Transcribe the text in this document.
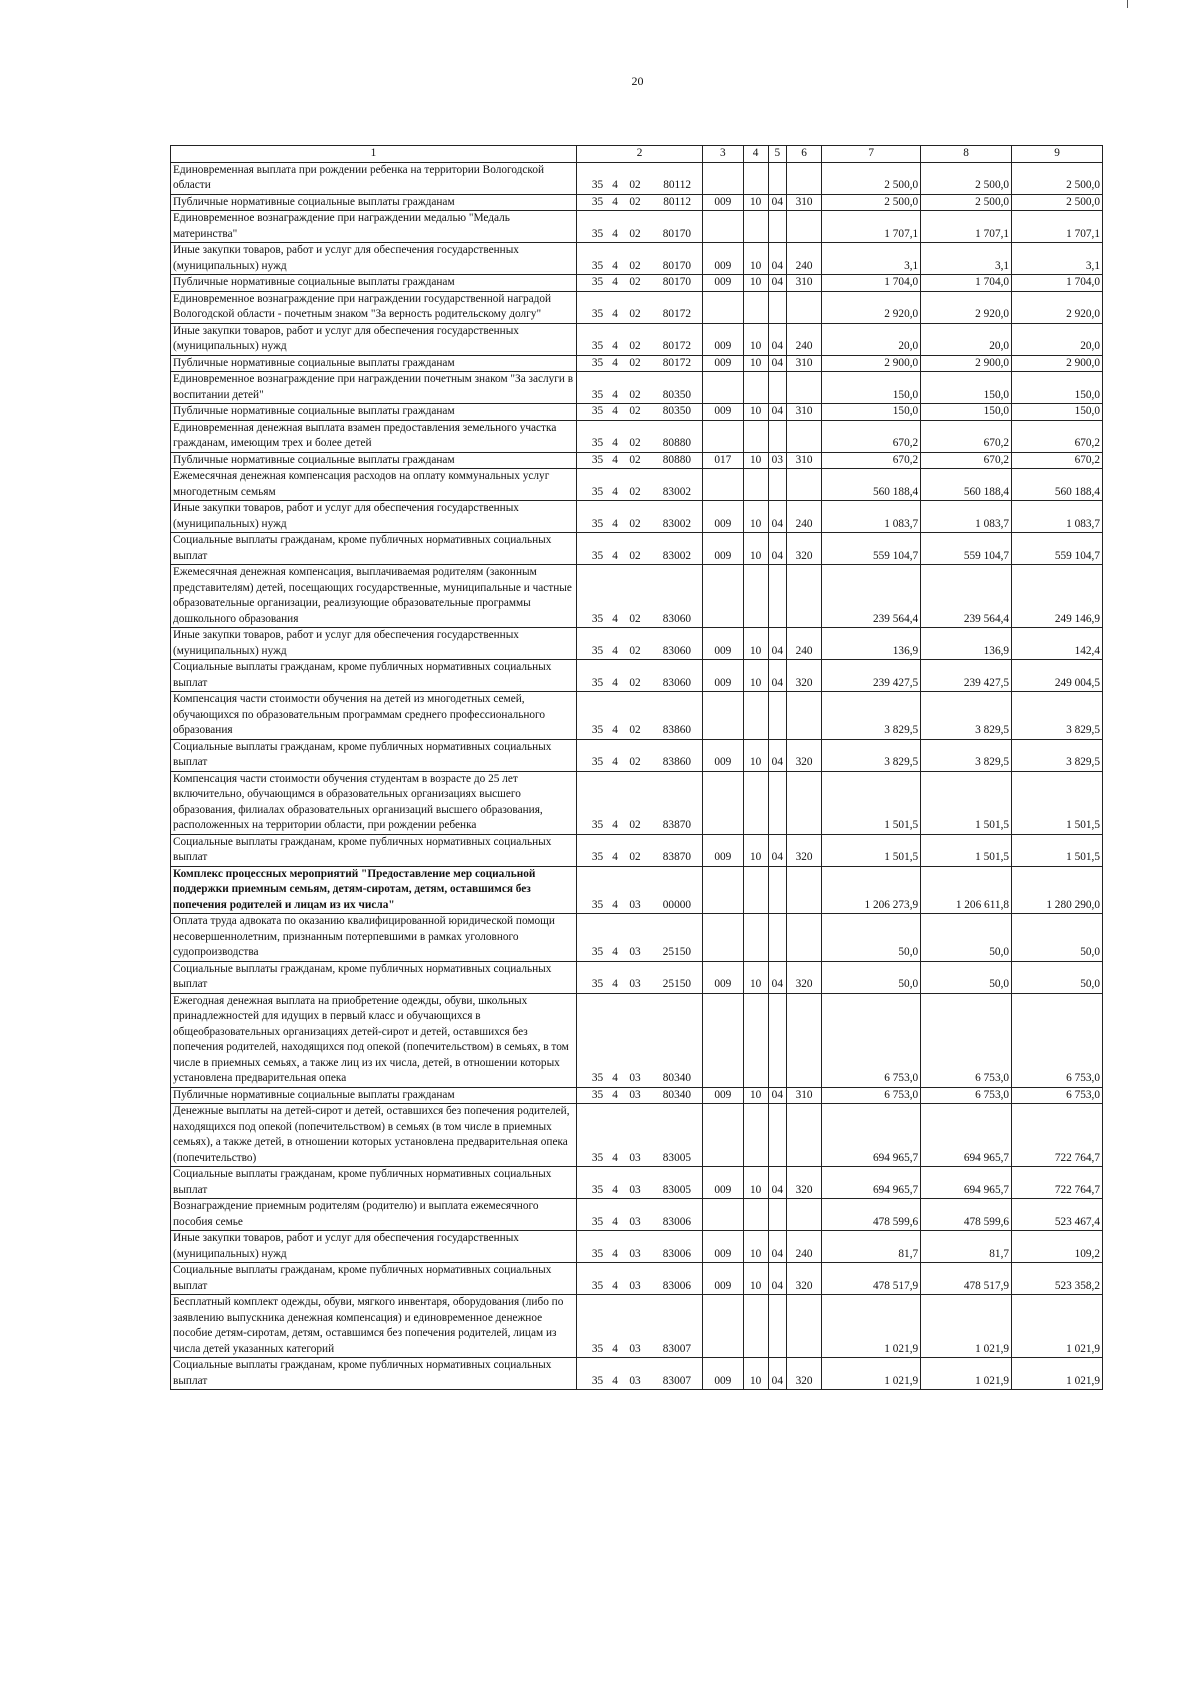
20
1	2	3	4	5	6	7	8	9
Единовременная выплата при рождении ребенка на территории Вологодской области	35 4 02 80112					2 500,0	2 500,0	2 500,0
Публичные нормативные социальные выплаты гражданам	35 4 02 80112	009	10	04	310	2 500,0	2 500,0	2 500,0
Единовременное вознаграждение при награждении медалью "Медаль материнства"	35 4 02 80170					1 707,1	1 707,1	1 707,1
Иные закупки товаров, работ и услуг для обеспечения государственных (муниципальных) нужд	35 4 02 80170	009	10	04	240	3,1	3,1	3,1
Публичные нормативные социальные выплаты гражданам	35 4 02 80170	009	10	04	310	1 704,0	1 704,0	1 704,0
Единовременное вознаграждение при награждении государственной наградой Вологодской области - почетным знаком "За верность родительскому долгу"	35 4 02 80172					2 920,0	2 920,0	2 920,0
Иные закупки товаров, работ и услуг для обеспечения государственных (муниципальных) нужд	35 4 02 80172	009	10	04	240	20,0	20,0	20,0
Публичные нормативные социальные выплаты гражданам	35 4 02 80172	009	10	04	310	2 900,0	2 900,0	2 900,0
Единовременное вознаграждение при награждении почетным знаком "За заслуги в воспитании детей"	35 4 02 80350					150,0	150,0	150,0
Публичные нормативные социальные выплаты гражданам	35 4 02 80350	009	10	04	310	150,0	150,0	150,0
Единовременная денежная выплата взамен предоставления земельного участка гражданам, имеющим трех и более детей	35 4 02 80880					670,2	670,2	670,2
Публичные нормативные социальные выплаты гражданам	35 4 02 80880	017	10	03	310	670,2	670,2	670,2
Ежемесячная денежная компенсация расходов на оплату коммунальных услуг многодетным семьям	35 4 02 83002					560 188,4	560 188,4	560 188,4
Иные закупки товаров, работ и услуг для обеспечения государственных (муниципальных) нужд	35 4 02 83002	009	10	04	240	1 083,7	1 083,7	1 083,7
Социальные выплаты гражданам, кроме публичных нормативных социальных выплат	35 4 02 83002	009	10	04	320	559 104,7	559 104,7	559 104,7
Ежемесячная денежная компенсация, выплачиваемая родителям (законным представителям) детей, посещающих государственные, муниципальные и частные образовательные организации, реализующие образовательные программы дошкольного образования	35 4 02 83060					239 564,4	239 564,4	249 146,9
Иные закупки товаров, работ и услуг для обеспечения государственных (муниципальных) нужд	35 4 02 83060	009	10	04	240	136,9	136,9	142,4
Социальные выплаты гражданам, кроме публичных нормативных социальных выплат	35 4 02 83060	009	10	04	320	239 427,5	239 427,5	249 004,5
Компенсация части стоимости обучения на детей из многодетных семей, обучающихся по образовательным программам среднего профессионального образования	35 4 02 83860					3 829,5	3 829,5	3 829,5
Социальные выплаты гражданам, кроме публичных нормативных социальных выплат	35 4 02 83860	009	10	04	320	3 829,5	3 829,5	3 829,5
Компенсация части стоимости обучения студентам в возрасте до 25 лет включительно, обучающимся в образовательных организациях высшего образования, филиалах образовательных организаций высшего образования, расположенных на территории области, при рождении ребенка	35 4 02 83870					1 501,5	1 501,5	1 501,5
Социальные выплаты гражданам, кроме публичных нормативных социальных выплат	35 4 02 83870	009	10	04	320	1 501,5	1 501,5	1 501,5
Комплекс процессных мероприятий "Предоставление мер социальной поддержки приемным семьям, детям-сиротам, детям, оставшимся без попечения родителей и лицам из их числа"	35 4 03 00000					1 206 273,9	1 206 611,8	1 280 290,0
Оплата труда адвоката по оказанию квалифицированной юридической помощи несовершеннолетним, признанным потерпевшими в рамках уголовного судопроизводства	35 4 03 25150					50,0	50,0	50,0
Социальные выплаты гражданам, кроме публичных нормативных социальных выплат	35 4 03 25150	009	10	04	320	50,0	50,0	50,0
Ежегодная денежная выплата на приобретение одежды, обуви, школьных принадлежностей для идущих в первый класс и обучающихся в общеобразовательных организациях детей-сирот и детей, оставшихся без попечения родителей, находящихся под опекой (попечительством) в семьях, в том числе в приемных семьях, а также лиц из их числа, детей, в отношении которых установлена предварительная опека	35 4 03 80340					6 753,0	6 753,0	6 753,0
Публичные нормативные социальные выплаты гражданам	35 4 03 80340	009	10	04	310	6 753,0	6 753,0	6 753,0
Денежные выплаты на детей-сирот и детей, оставшихся без попечения родителей, находящихся под опекой (попечительством) в семьях (в том числе в приемных семьях), а также детей, в отношении которых установлена предварительная опека (попечительство)	35 4 03 83005					694 965,7	694 965,7	722 764,7
Социальные выплаты гражданам, кроме публичных нормативных социальных выплат	35 4 03 83005	009	10	04	320	694 965,7	694 965,7	722 764,7
Вознаграждение приемным родителям (родителю) и выплата ежемесячного пособия семье	35 4 03 83006					478 599,6	478 599,6	523 467,4
Иные закупки товаров, работ и услуг для обеспечения государственных (муниципальных) нужд	35 4 03 83006	009	10	04	240	81,7	81,7	109,2
Социальные выплаты гражданам, кроме публичных нормативных социальных выплат	35 4 03 83006	009	10	04	320	478 517,9	478 517,9	523 358,2
Бесплатный комплект одежды, обуви, мягкого инвентаря, оборудования (либо по заявлению выпускника денежная компенсация) и единовременное денежное пособие детям-сиротам, детям, оставшимся без попечения родителей, лицам из числа детей указанных категорий	35 4 03 83007					1 021,9	1 021,9	1 021,9
Социальные выплаты гражданам, кроме публичных нормативных социальных выплат	35 4 03 83007	009	10	04	320	1 021,9	1 021,9	1 021,9
